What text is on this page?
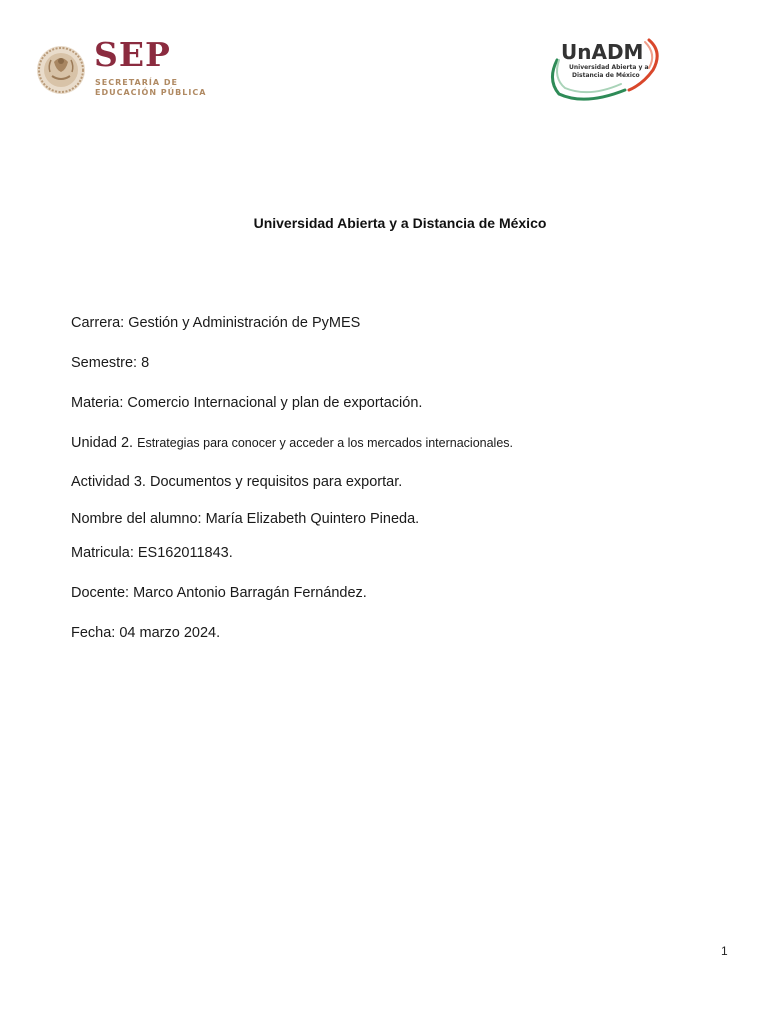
SEP
SECRETARÍA DE
EDUCACIÓN PÚBLICA
UnADM
Universidad Abierta y a
Distancia de México
Universidad Abierta y a Distancia de México
Carrera: Gestión y Administración de PyMES
Semestre: 8
Materia: Comercio Internacional y plan de exportación.
Unidad 2. Estrategias para conocer y acceder a los mercados internacionales.
Actividad 3. Documentos y requisitos para exportar.
Nombre del alumno: María Elizabeth Quintero Pineda.
Matricula: ES162011843.
Docente: Marco Antonio Barragán Fernández.
Fecha: 04 marzo 2024.
1
